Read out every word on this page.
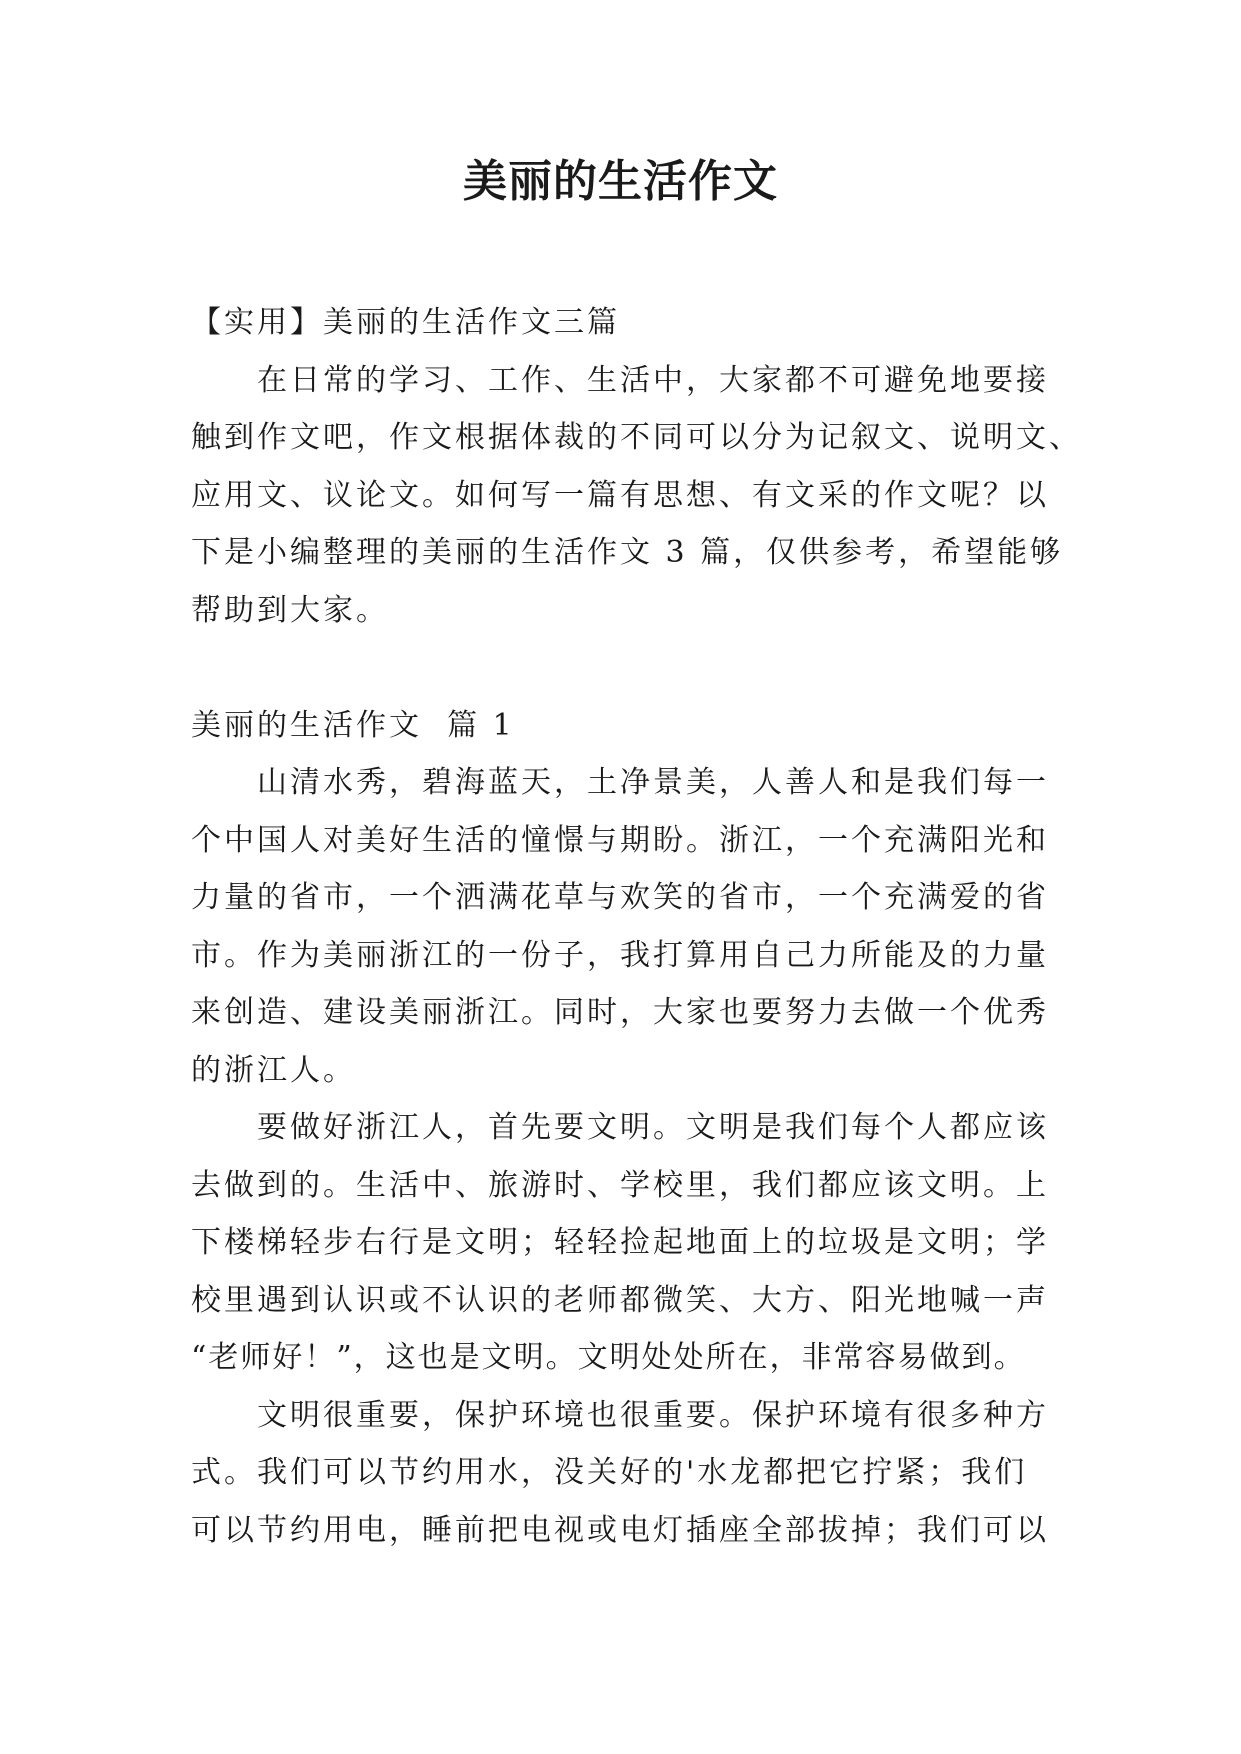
美丽的生活作文
【实用】美丽的生活作文三篇
在日常的学习、工作、生活中，大家都不可避免地要接
触到作文吧，作文根据体裁的不同可以分为记叙文、说明文、
应用文、议论文。如何写一篇有思想、有文采的作文呢？以
下是小编整理的美丽的生活作文 3 篇，仅供参考，希望能够
帮助到大家。
美丽的生活作文  篇 1
山清水秀，碧海蓝天，土净景美，人善人和是我们每一
个中国人对美好生活的憧憬与期盼。浙江，一个充满阳光和
力量的省市，一个洒满花草与欢笑的省市，一个充满爱的省
市。作为美丽浙江的一份子，我打算用自己力所能及的力量
来创造、建设美丽浙江。同时，大家也要努力去做一个优秀
的浙江人。
要做好浙江人，首先要文明。文明是我们每个人都应该
去做到的。生活中、旅游时、学校里，我们都应该文明。上
下楼梯轻步右行是文明；轻轻捡起地面上的垃圾是文明；学
校里遇到认识或不认识的老师都微笑、大方、阳光地喊一声
“老师好！”，这也是文明。文明处处所在，非常容易做到。
文明很重要，保护环境也很重要。保护环境有很多种方
式。我们可以节约用水，没关好的'水龙都把它拧紧；我们
可以节约用电，睡前把电视或电灯插座全部拔掉；我们可以
